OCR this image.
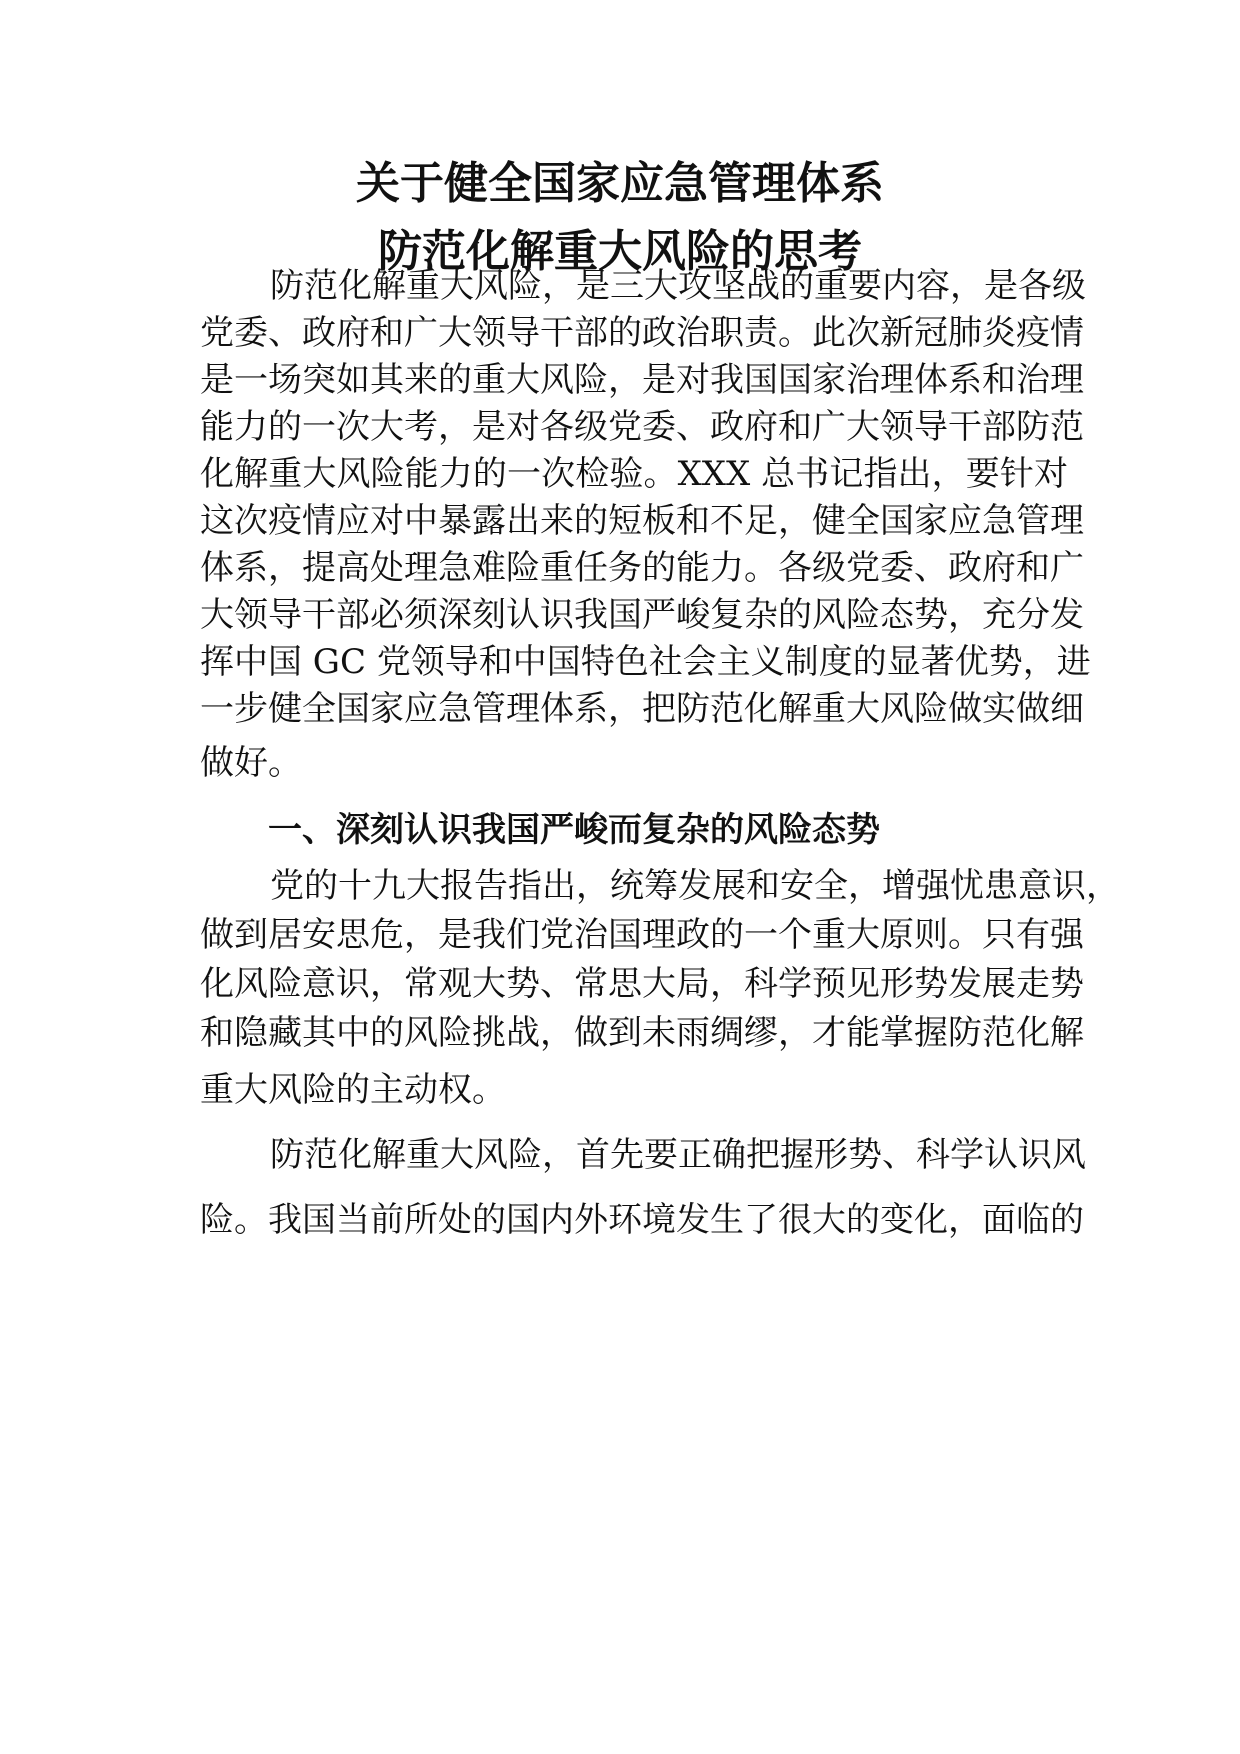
关于健全国家应急管理体系
防范化解重大风险的思考
防范化解重大风险，是三大攻坚战的重要内容，是各级
党委、政府和广大领导干部的政治职责。此次新冠肺炎疫情
是一场突如其来的重大风险，是对我国国家治理体系和治理
能力的一次大考，是对各级党委、政府和广大领导干部防范
化解重大风险能力的一次检验。XXX 总书记指出，要针对
这次疫情应对中暴露出来的短板和不足，健全国家应急管理
体系，提高处理急难险重任务的能力。各级党委、政府和广
大领导干部必须深刻认识我国严峻复杂的风险态势，充分发
挥中国 GC 党领导和中国特色社会主义制度的显著优势，进
一步健全国家应急管理体系，把防范化解重大风险做实做细
做好。
一、深刻认识我国严峻而复杂的风险态势
党的十九大报告指出，统筹发展和安全，增强忧患意识，
做到居安思危，是我们党治国理政的一个重大原则。只有强
化风险意识，常观大势、常思大局，科学预见形势发展走势
和隐藏其中的风险挑战，做到未雨绸缪，才能掌握防范化解
重大风险的主动权。
防范化解重大风险，首先要正确把握形势、科学认识风
险。我国当前所处的国内外环境发生了很大的变化，面临的
